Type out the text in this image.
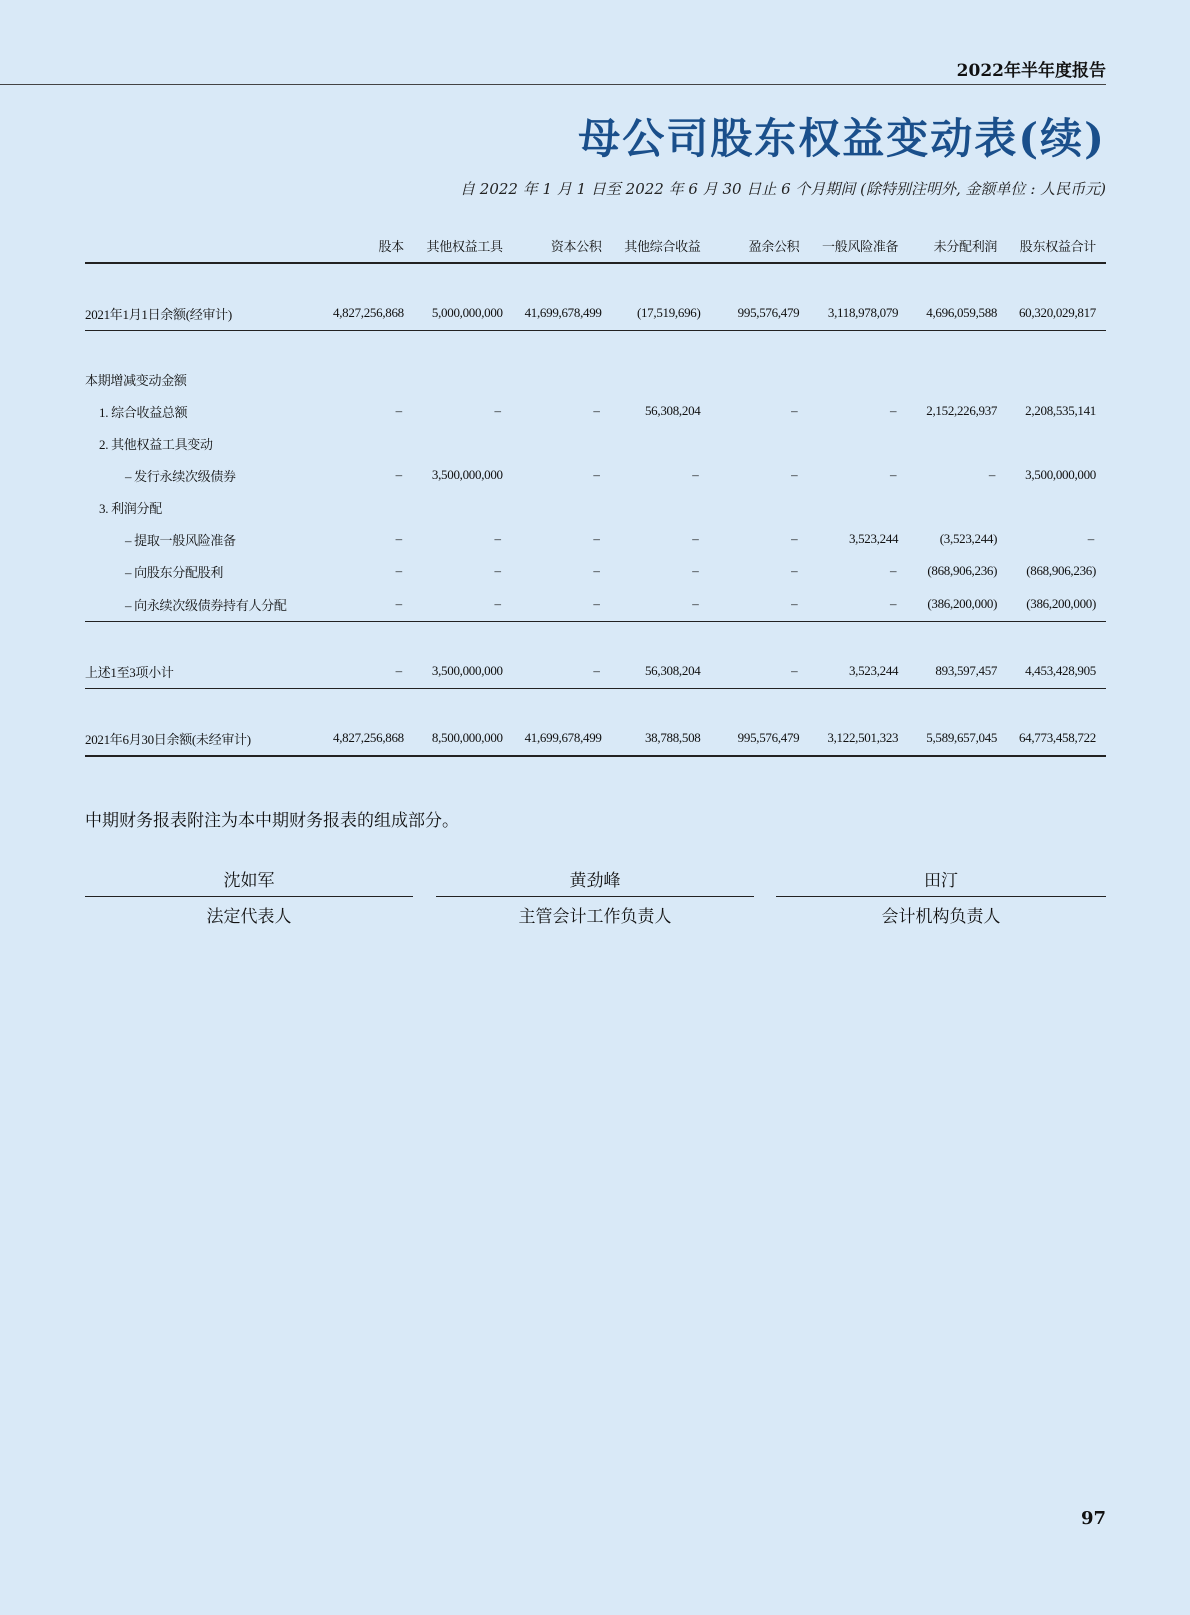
2022年半年度报告
母公司股东权益变动表(续)
自 2022 年 1 月 1 日至 2022 年 6 月 30 日止 6 个月期间 (除特别注明外, 金额单位 : 人民币元)
	股本	其他权益工具	资本公积	其他综合收益	盈余公积	一般风险准备	未分配利润	股东权益合计

2021年1月1日余额(经审计)	4,827,256,868	5,000,000,000	41,699,678,499	(17,519,696)	995,576,479	3,118,978,079	4,696,059,588	60,320,029,817

本期增减变动金额								
1. 综合收益总额	–	–	–	56,308,204	–	–	2,152,226,937	2,208,535,141
2. 其他权益工具变动								
– 发行永续次级债券	–	3,500,000,000	–	–	–	–	–	3,500,000,000
3. 利润分配								
– 提取一般风险准备	–	–	–	–	–	3,523,244	(3,523,244)	–
– 向股东分配股利	–	–	–	–	–	–	(868,906,236)	(868,906,236)
– 向永续次级债券持有人分配	–	–	–	–	–	–	(386,200,000)	(386,200,000)

上述1至3项小计	–	3,500,000,000	–	56,308,204	–	3,523,244	893,597,457	4,453,428,905

2021年6月30日余额(未经审计)	4,827,256,868	8,500,000,000	41,699,678,499	38,788,508	995,576,479	3,122,501,323	5,589,657,045	64,773,458,722
中期财务报表附注为本中期财务报表的组成部分。
沈如军
法定代表人
黄劲峰
主管会计工作负责人
田汀
会计机构负责人
97
